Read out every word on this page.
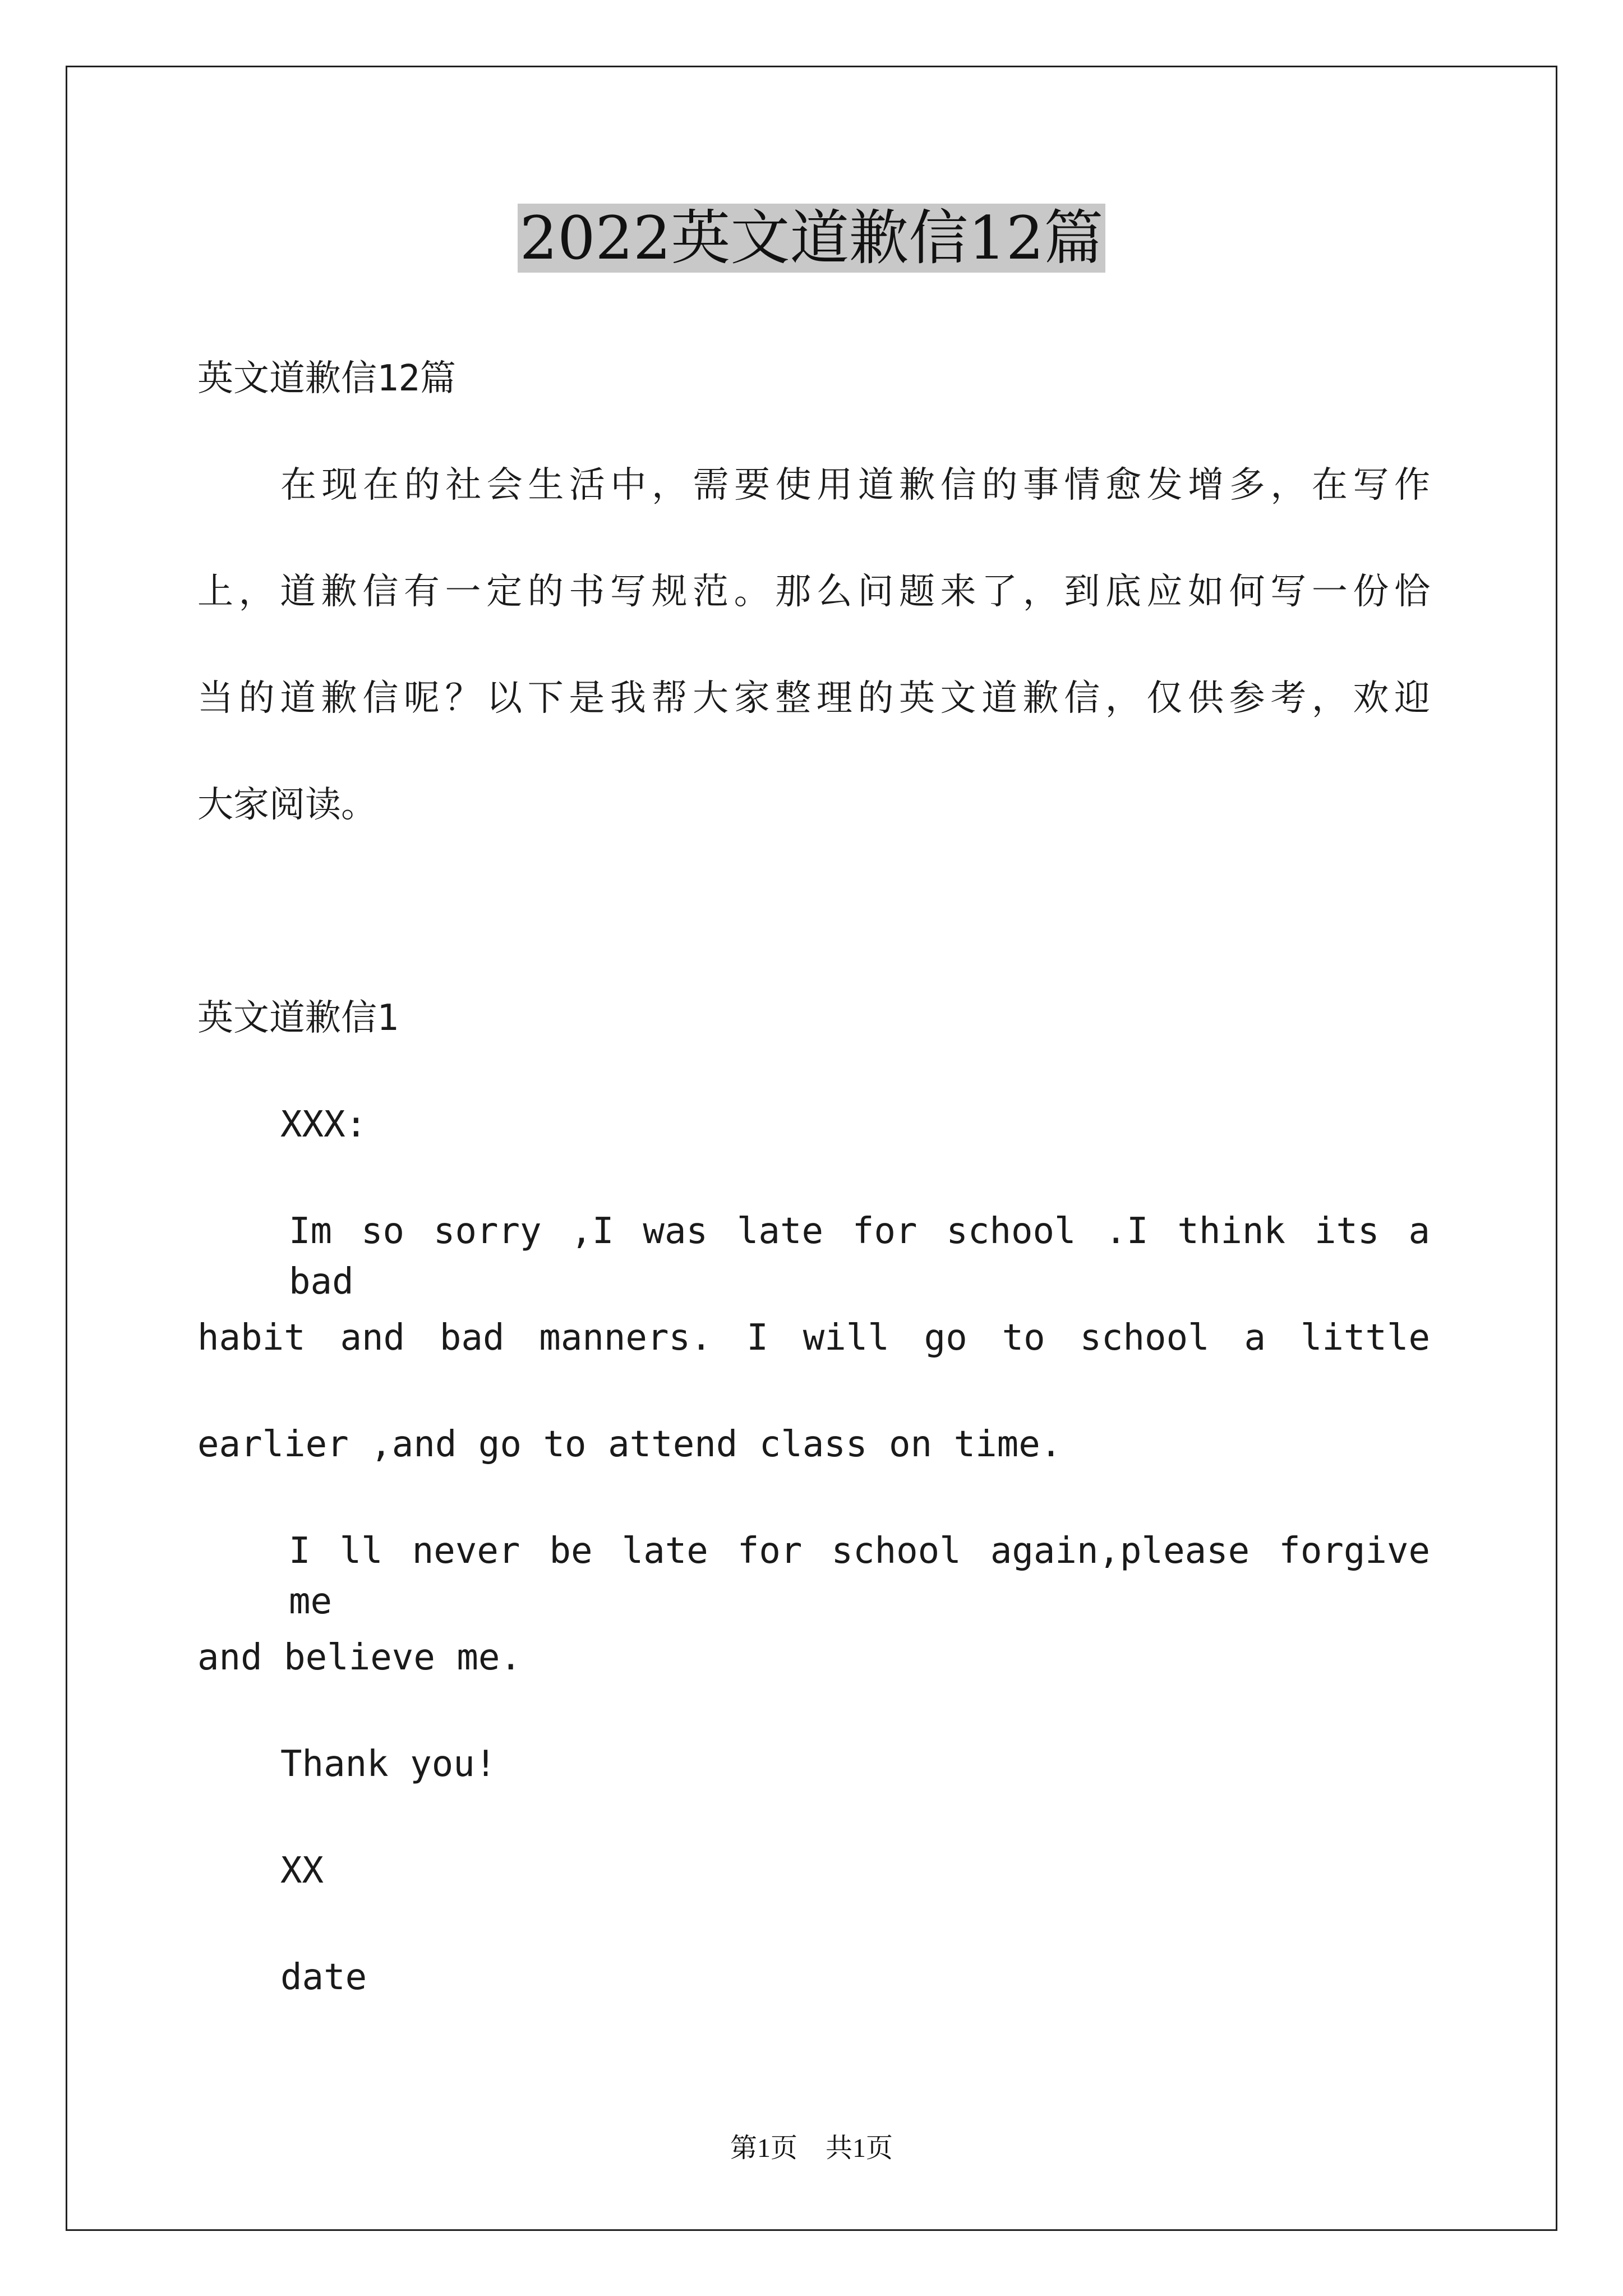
2022英文道歉信12篇
英文道歉信12篇
在现在的社会生活中，需要使用道歉信的事情愈发增多，在写作
上，道歉信有一定的书写规范。那么问题来了，到底应如何写一份恰
当的道歉信呢？以下是我帮大家整理的英文道歉信，仅供参考，欢迎
大家阅读。
英文道歉信1
XXX:
Im so sorry ,I was late for school .I think its a bad
habit and bad manners. I will go to school a little
earlier ,and go to attend class on time.
I ll never be late for school again,please forgive me
and believe me.
Thank you!
XX
date
第1页 共1页
